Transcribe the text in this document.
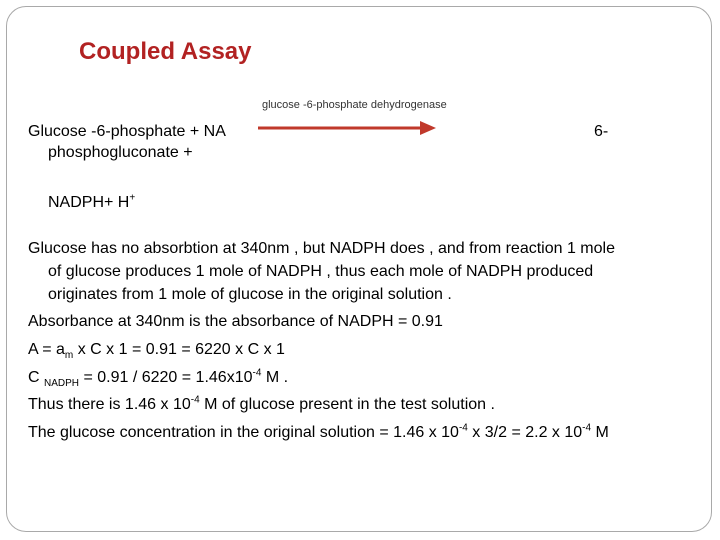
Coupled Assay
glucose -6-phosphate dehydrogenase
Glucose -6-phosphate + NA	6-
phosphogluconate +
NADPH+ H+
Glucose has no absorbtion at 340nm , but NADPH does , and from reaction 1 mole
of glucose produces 1 mole of NADPH , thus each mole of NADPH produced
originates from 1 mole of glucose in the original solution .
Absorbance at 340nm is the absorbance of NADPH = 0.91
$A = a_m$ x C x 1 = 0.91 = 6220 x C x 1
C $_{NADPH} = 0.91 / 6220 = 1.46x10^{-4}$ M .
Thus there is 1.46 x $10^{-4}$ M of glucose present in the test solution .
The glucose concentration in the original solution = 1.46 x $10^{-4}$ x 3/2 = 2.2 x $10^{-4}$ M
